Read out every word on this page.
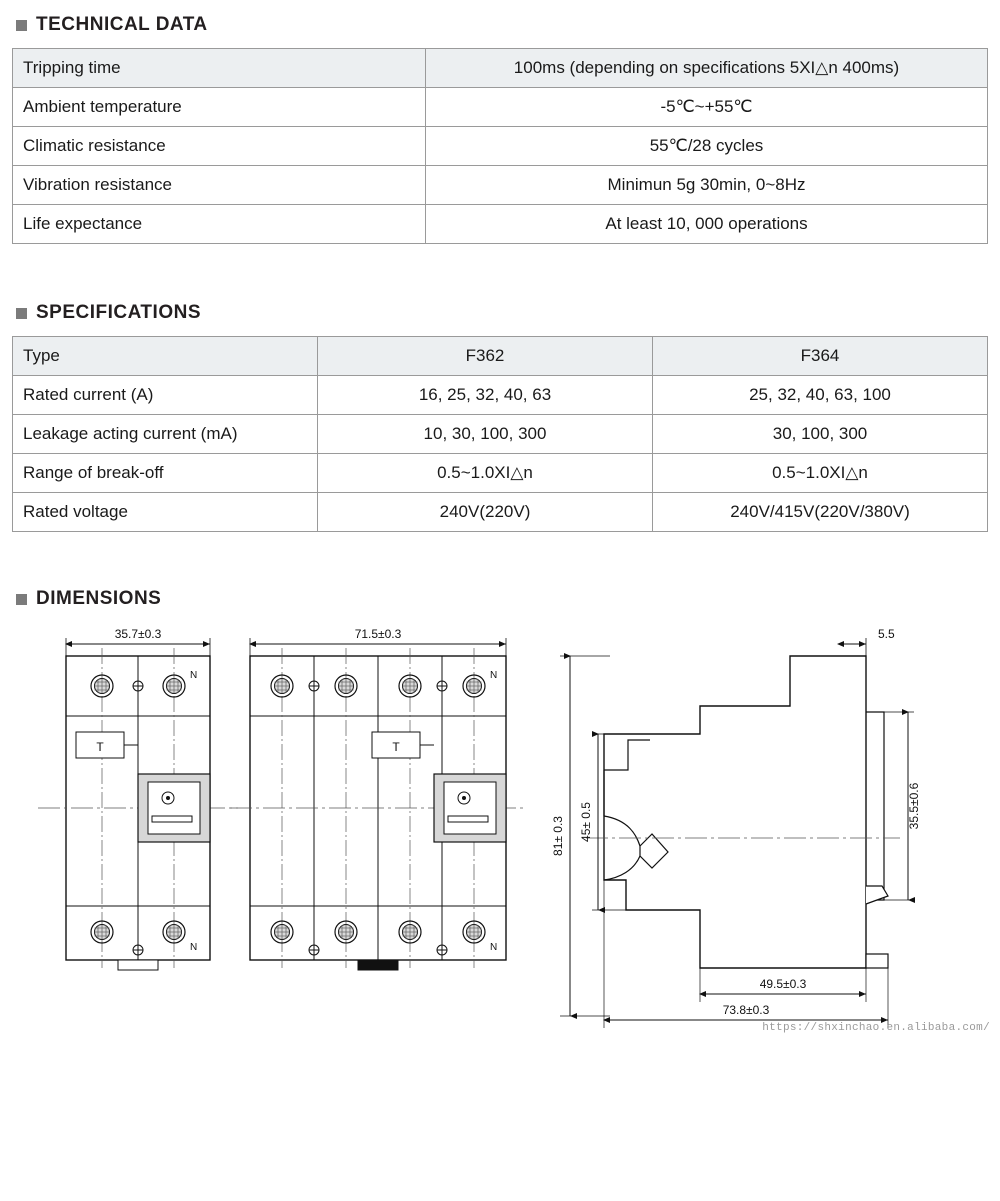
TECHNICAL DATA
Tripping time	100ms (depending on specifications 5XI△n 400ms)
Ambient temperature	-5℃~+55℃
Climatic resistance	55℃/28 cycles
Vibration resistance	Minimun 5g 30min, 0~8Hz
Life expectance	At least 10, 000 operations
SPECIFICATIONS
Type	F362	F364
Rated current (A)	16, 25, 32, 40, 63	25, 32, 40, 63, 100
Leakage acting current (mA)	10, 30, 100, 300	30, 100, 300
Range of break-off	0.5~1.0XI△n	0.5~1.0XI△n
Rated voltage	240V(220V)	240V/415V(220V/380V)
DIMENSIONS
35.7±0.3
N
N
T
71.5±0.3
N
N
T
5.5
81± 0.3 45± 0.5	35.5±0.6
49.5±0.3
73.8±0.3
https://shxinchao.en.alibaba.com/
